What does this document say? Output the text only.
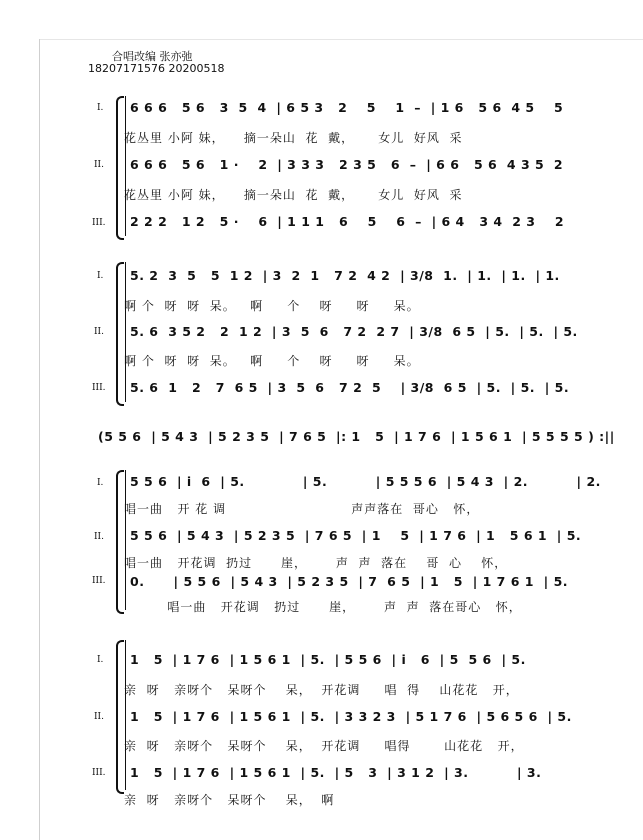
合唱改编 张亦弛
18207171576 20200518
I.
II.
III.
6 6 6   5 6   3  5  4  | 6 5 3   2    5    1  –  | 1 6   5 6  4 5    5
花丛里 小阿 妹，    摘一朵山  花  戴，     女儿  好风  采
6 6 6   5 6   1 ·    2  | 3 3 3   2 3 5   6  –  | 6 6   5 6  4 3 5  2
花丛里 小阿 妹，    摘一朵山  花  戴，     女儿  好风  采
2 2 2   1 2   5 ·    6  | 1 1 1   6    5    6  –  | 6 4   3 4  2 3    2
I.
II.
III.
5. 2  3  5   5  1 2  | 3  2  1   7 2  4 2  | 3/8  1.  | 1.  | 1.  | 1.
啊 个  呀  呀  呆。   啊     个    呀     呀     呆。
5. 6  3 5 2   2  1 2  | 3  5  6   7 2  2 7  | 3/8  6 5  | 5.  | 5.  | 5.
啊 个  呀  呀  呆。   啊     个    呀     呀     呆。
5. 6  1   2   7  6 5  | 3  5  6   7 2  5    | 3/8  6 5  | 5.  | 5.  | 5.
(5 5 6  | 5 4 3  | 5 2 3 5  | 7 6 5  |: 1   5  | 1 7 6  | 1 5 6 1  | 5 5 5 5 ) :||
I.
II.
III.
5 5 6  | i  6  | 5.            | 5.          | 5 5 5 6  | 5 4 3  | 2.          | 2.
唱一曲   开 花 调                          声声落在  哥心   怀，
5 5 6  | 5 4 3  | 5 2 3 5  | 7 6 5  | 1    5  | 1 7 6  | 1   5 6 1  | 5.
唱一曲   开花调  扔过      崖，      声  声  落在    哥  心    怀，
0.      | 5 5 6  | 5 4 3  | 5 2 3 5  | 7  6 5  | 1   5  | 1 7 6 1  | 5.
唱一曲   开花调   扔过      崖，      声  声  落在哥心   怀，
I.
II.
III.
1   5  | 1 7 6  | 1 5 6 1  | 5.  | 5 5 6  | i   6  | 5  5 6  | 5.
亲  呀   亲呀个   呆呀个    呆，  开花调     唱  得    山花花   开，
1   5  | 1 7 6  | 1 5 6 1  | 5.  | 3 3 2 3  | 5 1 7 6  | 5 6 5 6  | 5.
亲  呀   亲呀个   呆呀个    呆，  开花调     唱得       山花花   开，
1   5  | 1 7 6  | 1 5 6 1  | 5.  | 5   3  | 3 1 2  | 3.          | 3.
亲  呀   亲呀个   呆呀个    呆，  啊
